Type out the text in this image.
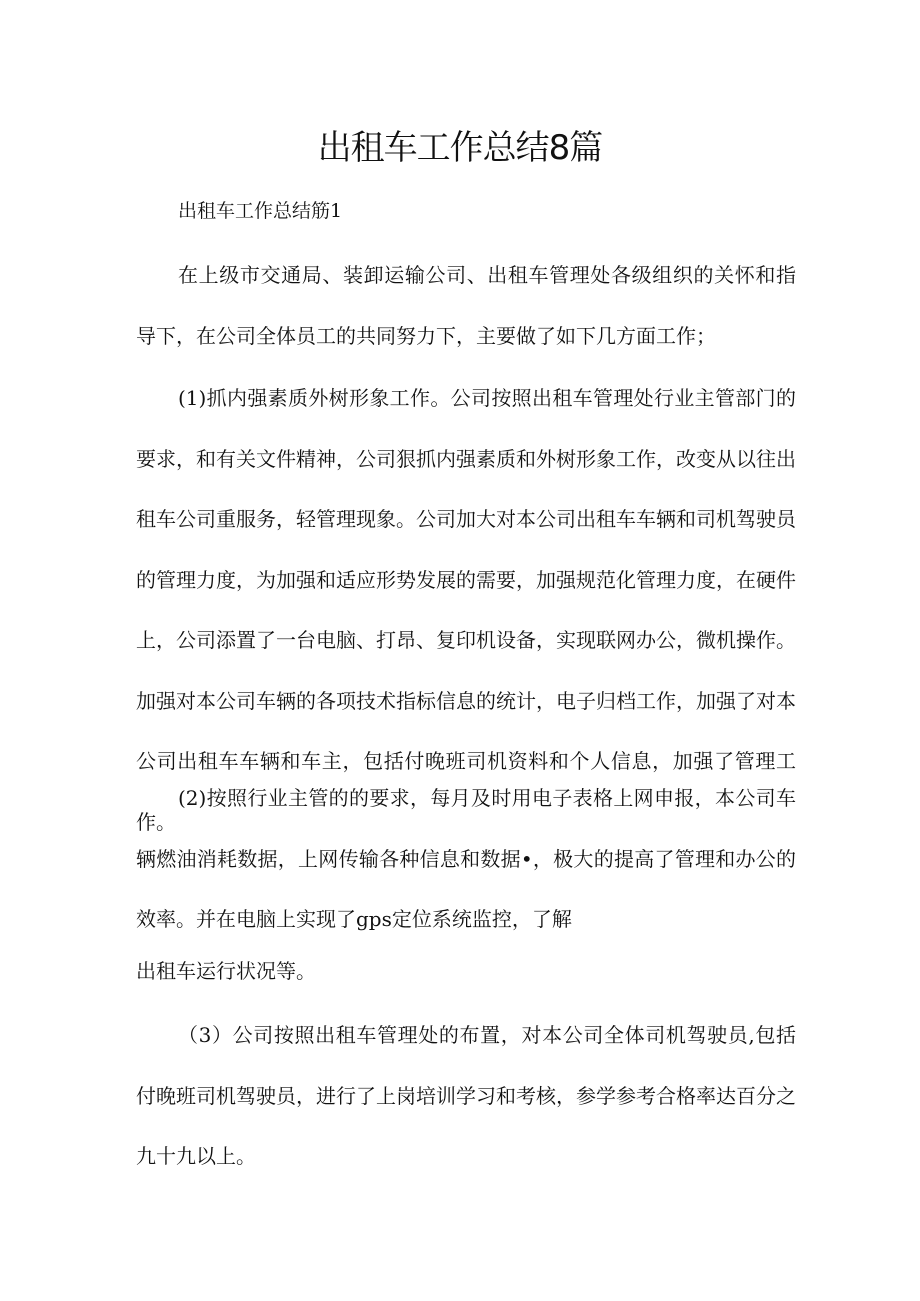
出租车工作总结8篇

出租车工作总结筋1

在上级市交通局、装卸运输公司、出租车管理处各级组织的关怀和指导下，在公司全体员工的共同努力下，主要做了如下几方面工作；

(1)抓内强素质外树形象工作。公司按照出租车管理处行业主管部门的要求，和有关文件精神，公司狠抓内强素质和外树形象工作，改变从以往出租车公司重服务，轻管理现象。公司加大对本公司出租车车辆和司机驾驶员的管理力度，为加强和适应形势发展的需要，加强规范化管理力度，在硬件上，公司添置了一台电脑、打昂、复印机设备，实现联网办公，微机操作。加强对本公司车辆的各项技术指标信息的统计，电子归档工作，加强了对本公司出租车车辆和车主，包括付晚班司机资料和个人信息，加强了管理工作。

(2)按照行业主管的的要求，每月及时用电子表格上网申报，本公司车辆燃油消耗数据，上网传输各种信息和数据•，极大的提高了管理和办公的效率。并在电脑上实现了gps定位系统监控，了解

出租车运行状况等。

（3）公司按照出租车管理处的布置，对本公司全体司机驾驶员,包括付晚班司机驾驶员，进行了上岗培训学习和考核，参学参考合格率达百分之九十九以上。
